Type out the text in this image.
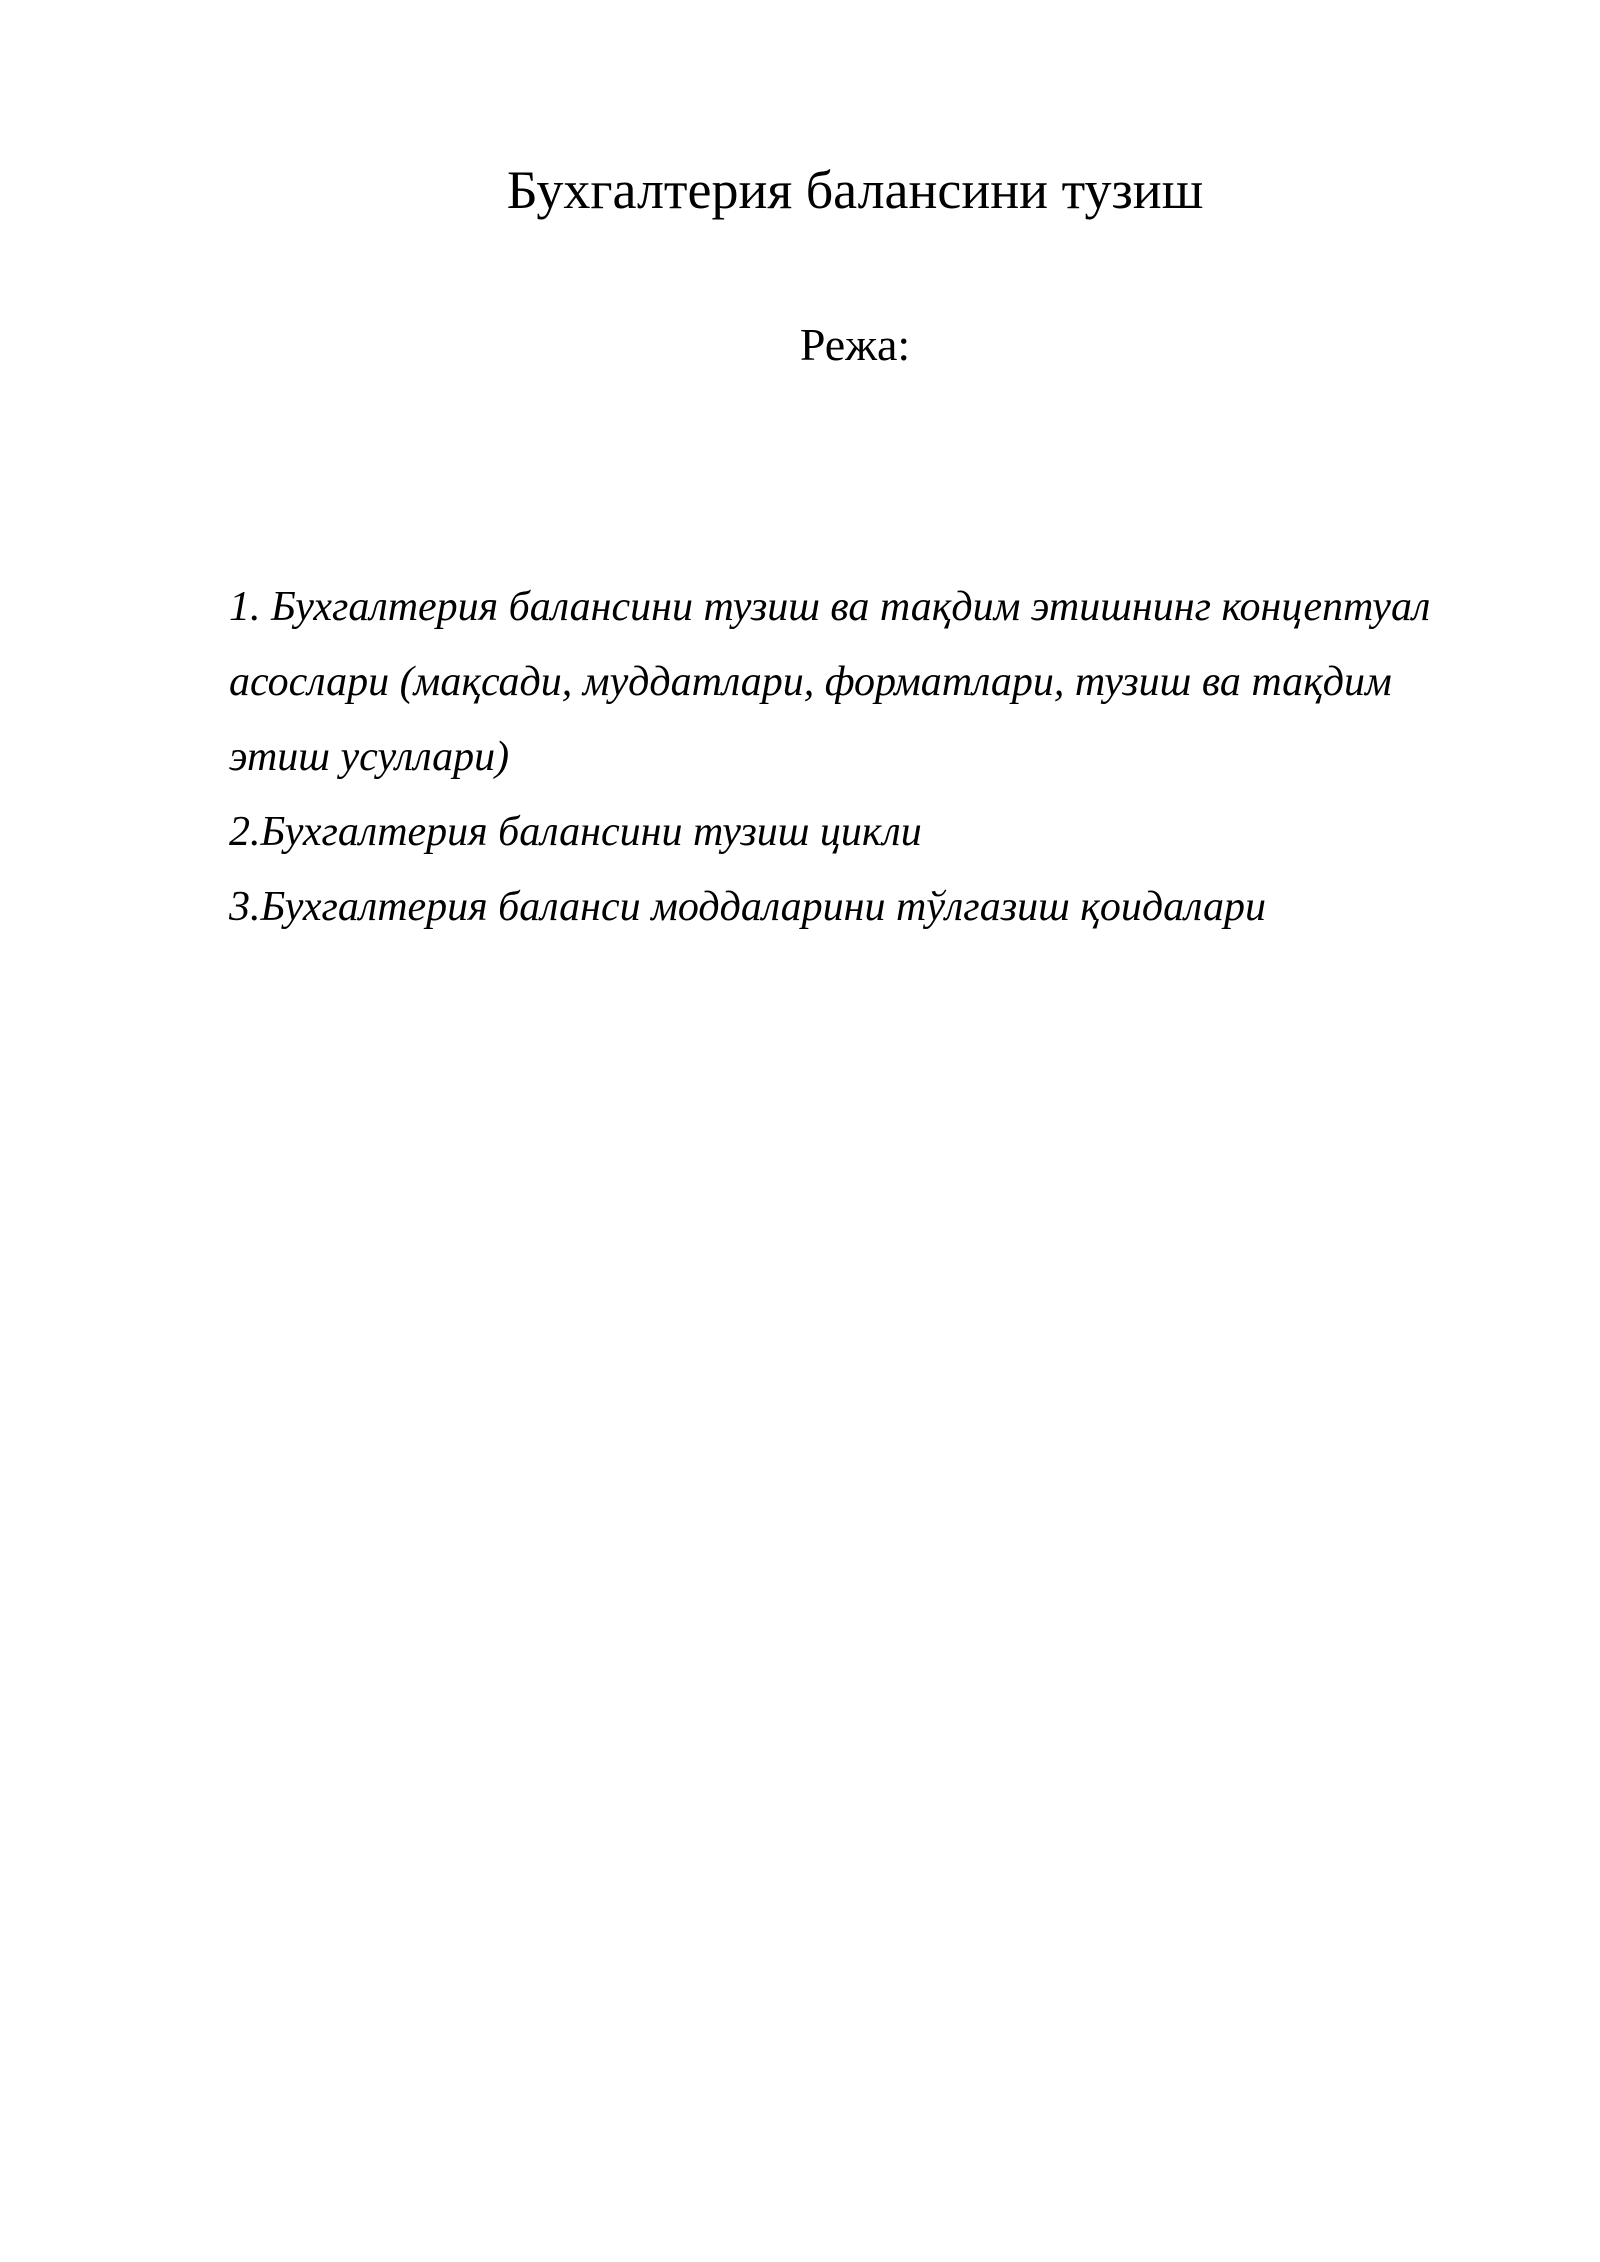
Бухгалтерия балансини тузиш

Режа:

1. Бухгалтерия балансини тузиш ва тақдим этишнинг концептуал асослари (мақсади, муддатлари, форматлари, тузиш ва тақдим этиш усуллари)
2.Бухгалтерия балансини тузиш цикли
3.Бухгалтерия баланси моддаларини тўлгазиш қоидалари
